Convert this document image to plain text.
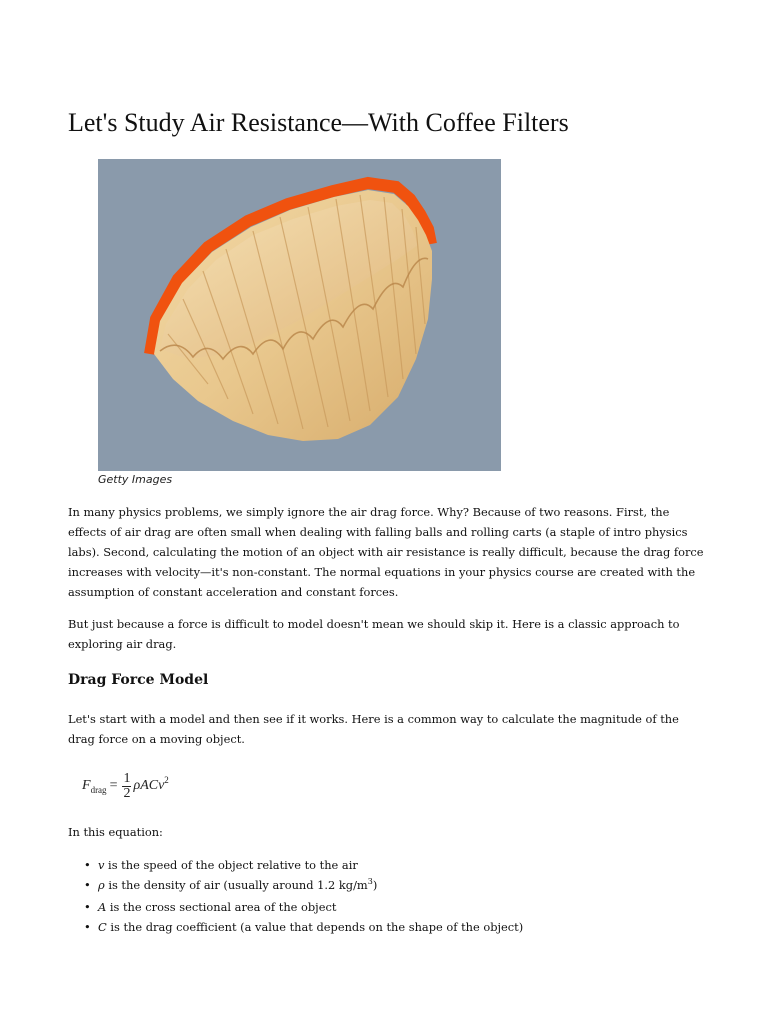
Let's Study Air Resistance—With Coffee Filters
Getty Images

In many physics problems, we simply ignore the air drag force. Why? Because of two reasons. First, the effects of air drag are often small when dealing with falling balls and rolling carts (a staple of intro physics labs). Second, calculating the motion of an object with air resistance is really difficult, because the drag force increases with velocity—it's non-constant. The normal equations in your physics course are created with the assumption of constant acceleration and constant forces.

But just because a force is difficult to model doesn't mean we should skip it. Here is a classic approach to exploring air drag.

Drag Force Model

Let's start with a model and then see if it works. Here is a common way to calculate the magnitude of the drag force on a moving object.

F drag = $\frac{1}{2}$ ρACv 2

In this equation:

• v is the speed of the object relative to the air
• ρ is the density of air (usually around 1.2 $kg/m^3$)
• A is the cross sectional area of the object
• C is the drag coefficient (a value that depends on the shape of the object)
